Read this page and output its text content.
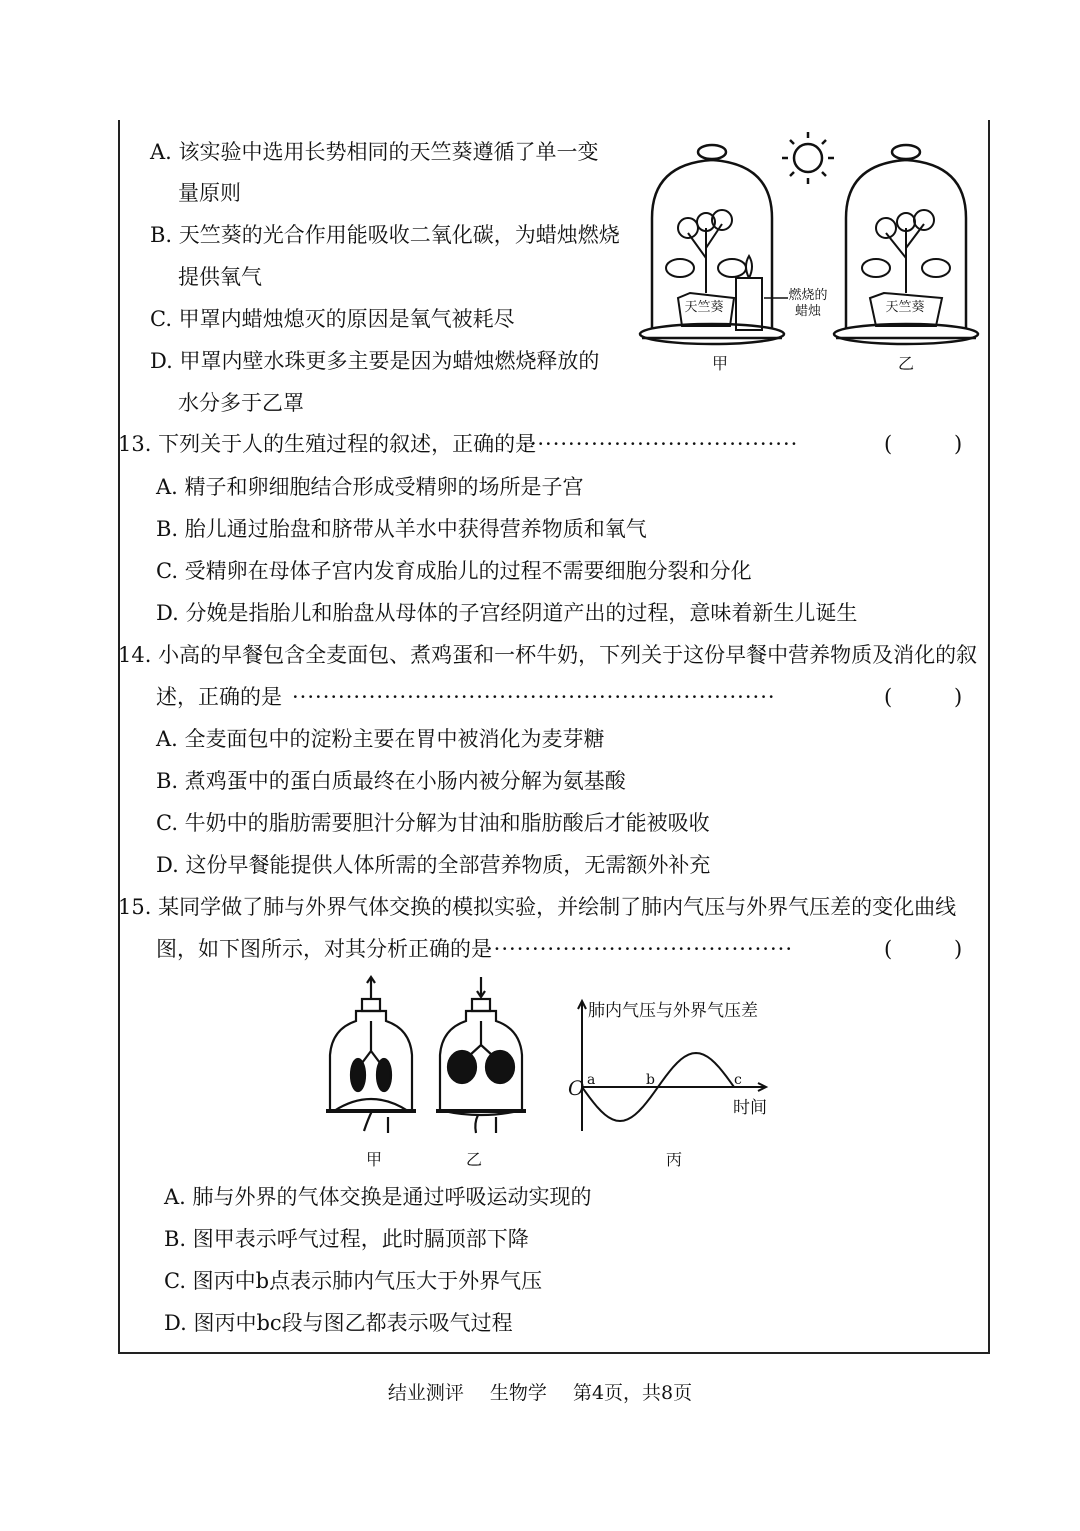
A. 该实验中选用长势相同的天竺葵遵循了单一变
量原则
B. 天竺葵的光合作用能吸收二氧化碳，为蜡烛燃烧
提供氧气
C. 甲罩内蜡烛熄灭的原因是氧气被耗尽
D. 甲罩内壁水珠更多主要是因为蜡烛燃烧释放的
水分多于乙罩
天竺葵	天竺葵
燃烧的
蜡烛
甲	乙
13. 下列关于人的生殖过程的叙述，正确的是
····································	(	)
A. 精子和卵细胞结合形成受精卵的场所是子宫
B. 胎儿通过胎盘和脐带从羊水中获得营养物质和氧气
C. 受精卵在母体子宫内发育成胎儿的过程不需要细胞分裂和分化
D. 分娩是指胎儿和胎盘从母体的子宫经阴道产出的过程，意味着新生儿诞生
14. 小高的早餐包含全麦面包、煮鸡蛋和一杯牛奶，下列关于这份早餐中营养物质及消化的叙
述，正确的是 ·······························································	(	)
A. 全麦面包中的淀粉主要在胃中被消化为麦芽糖
B. 煮鸡蛋中的蛋白质最终在小肠内被分解为氨基酸
C. 牛奶中的脂肪需要胆汁分解为甘油和脂肪酸后才能被吸收
D. 这份早餐能提供人体所需的全部营养物质，无需额外补充
15. 某同学做了肺与外界气体交换的模拟实验，并绘制了肺内气压与外界气压差的变化曲线
图，如下图所示，对其分析正确的是
········································	(	)
甲	乙
肺内气压与外界气压差
时间
O a	b	c
丙
A. 肺与外界的气体交换是通过呼吸运动实现的
B. 图甲表示呼气过程，此时膈顶部下降
C. 图丙中b点表示肺内气压大于外界气压
D. 图丙中bc段与图乙都表示吸气过程
结业测评 生物学 第4页，共8页
